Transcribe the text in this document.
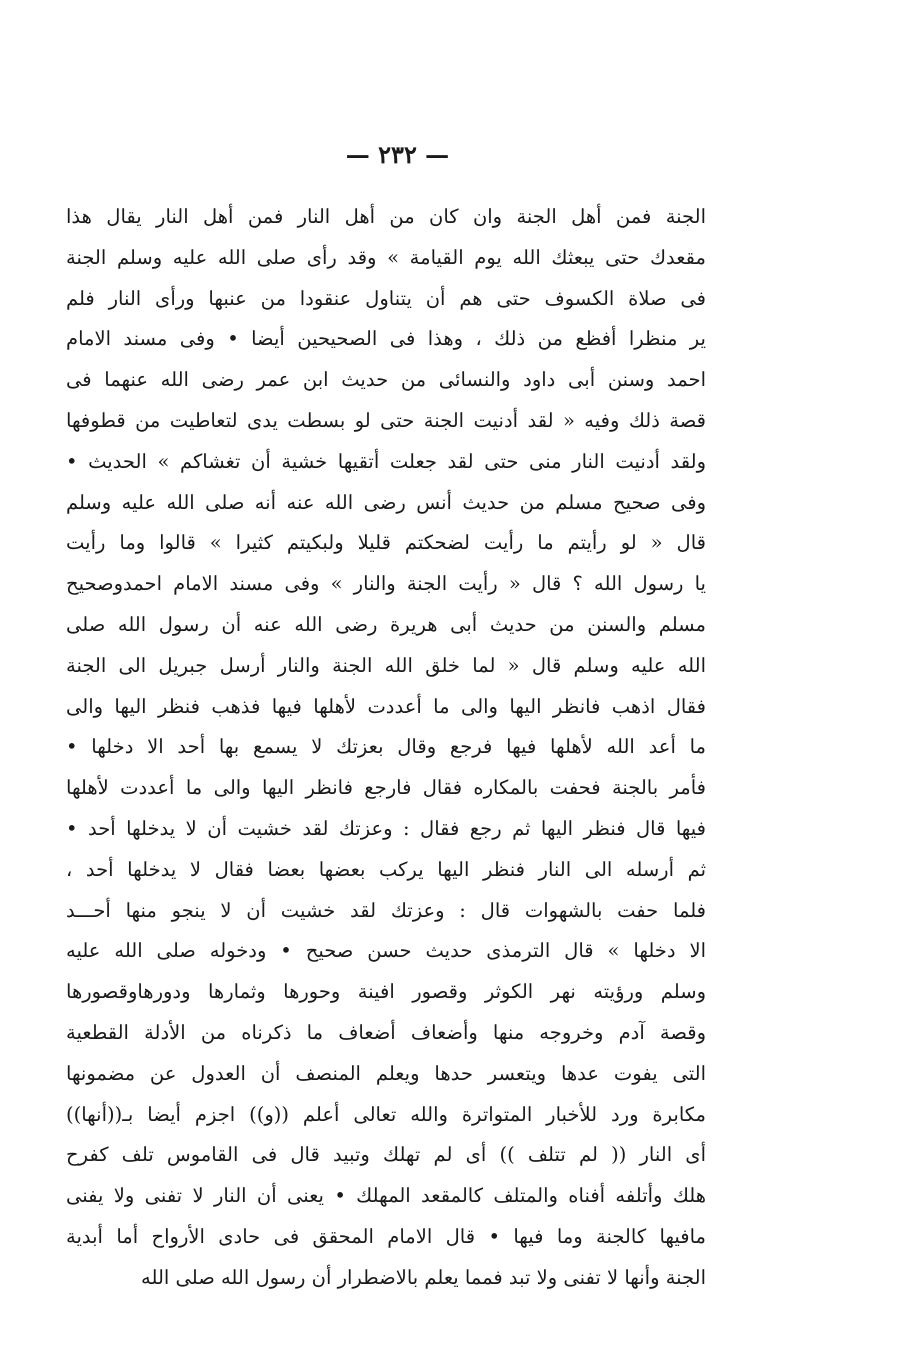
— ٢٣٢ —
الجنة فمن أهل الجنة وان كان من أهل النار فمن أهل النار يقال هذا
مقعدك حتى يبعثك الله يوم القيامة » وقد رأى صلى الله عليه وسلم الجنة
فى صلاة الكسوف حتى هم أن يتناول عنقودا من عنبها ورأى النار فلم
ير منظرا أفظع من ذلك ، وهذا فى الصحيحين أيضا • وفى مسند الامام
احمد وسنن أبى داود والنسائى من حديث ابن عمر رضى الله عنهما فى
قصة ذلك وفيه « لقد أدنيت الجنة حتى لو بسطت يدى لتعاطيت من قطوفها
ولقد أدنيت النار منى حتى لقد جعلت أتقيها خشية أن تغشاكم » الحديث •
وفى صحيح مسلم من حديث أنس رضى الله عنه أنه صلى الله عليه وسلم
قال « لو رأيتم ما رأيت لضحكتم قليلا ولبكيتم كثيرا » قالوا وما رأيت
يا رسول الله ؟ قال « رأيت الجنة والنار » وفى مسند الامام احمدوصحيح
مسلم والسنن من حديث أبى هريرة رضى الله عنه أن رسول الله صلى
الله عليه وسلم قال « لما خلق الله الجنة والنار أرسل جبريل الى الجنة
فقال اذهب فانظر اليها والى ما أعددت لأهلها فيها فذهب فنظر اليها والى
ما أعد الله لأهلها فيها فرجع وقال بعزتك لا يسمع بها أحد الا دخلها •
فأمر بالجنة فحفت بالمكاره فقال فارجع فانظر اليها والى ما أعددت لأهلها
فيها قال فنظر اليها ثم رجع فقال : وعزتك لقد خشيت أن لا يدخلها أحد •
ثم أرسله الى النار فنظر اليها يركب بعضها بعضا فقال لا يدخلها أحد ،
فلما حفت بالشهوات قال : وعزتك لقد خشيت أن لا ينجو منها أحـــد
الا دخلها » قال الترمذى حديث حسن صحيح • ودخوله صلى الله عليه
وسلم ورؤيته نهر الكوثر وقصور افينة وحورها وثمارها ودورهاوقصورها
وقصة آدم وخروجه منها وأضعاف أضعاف ما ذكرناه من الأدلة القطعية
التى يفوت عدها ويتعسر حدها ويعلم المنصف أن العدول عن مضمونها
مكابرة ورد للأخبار المتواترة والله تعالى أعلم ((و)) اجزم أيضا بـ((أنها))
أى النار (( لم تتلف )) أى لم تهلك وتبيد قال فى القاموس تلف كفرح
هلك وأتلفه أفناه والمتلف كالمقعد المهلك • يعنى أن النار لا تفنى ولا يفنى
مافيها كالجنة وما فيها • قال الامام المحقق فى حادى الأرواح أما أبدية
الجنة وأنها لا تفنى ولا تبد فمما يعلم بالاضطرار أن رسول الله صلى الله
